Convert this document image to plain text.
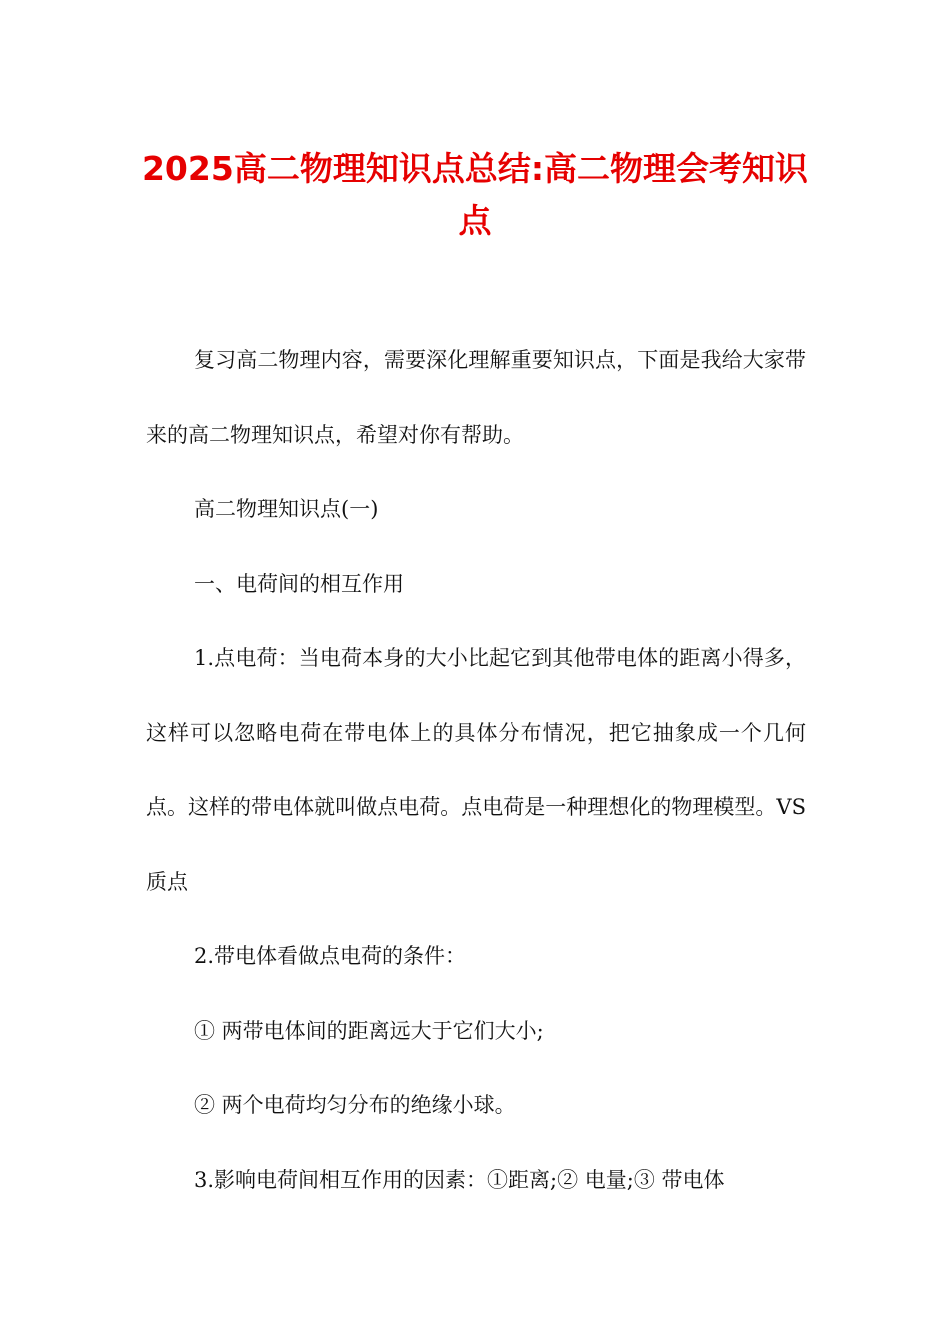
2025高二物理知识点总结:高二物理会考知识点

复习高二物理内容，需要深化理解重要知识点，下面是我给大家带来的高二物理知识点，希望对你有帮助。

高二物理知识点(一)

一、电荷间的相互作用

1.点电荷：当电荷本身的大小比起它到其他带电体的距离小得多，这样可以忽略电荷在带电体上的具体分布情况，把它抽象成一个几何点。这样的带电体就叫做点电荷。点电荷是一种理想化的物理模型。VS质点

2.带电体看做点电荷的条件：

① 两带电体间的距离远大于它们大小;

② 两个电荷均匀分布的绝缘小球。

3.影响电荷间相互作用的因素：①距离;② 电量;③ 带电体
